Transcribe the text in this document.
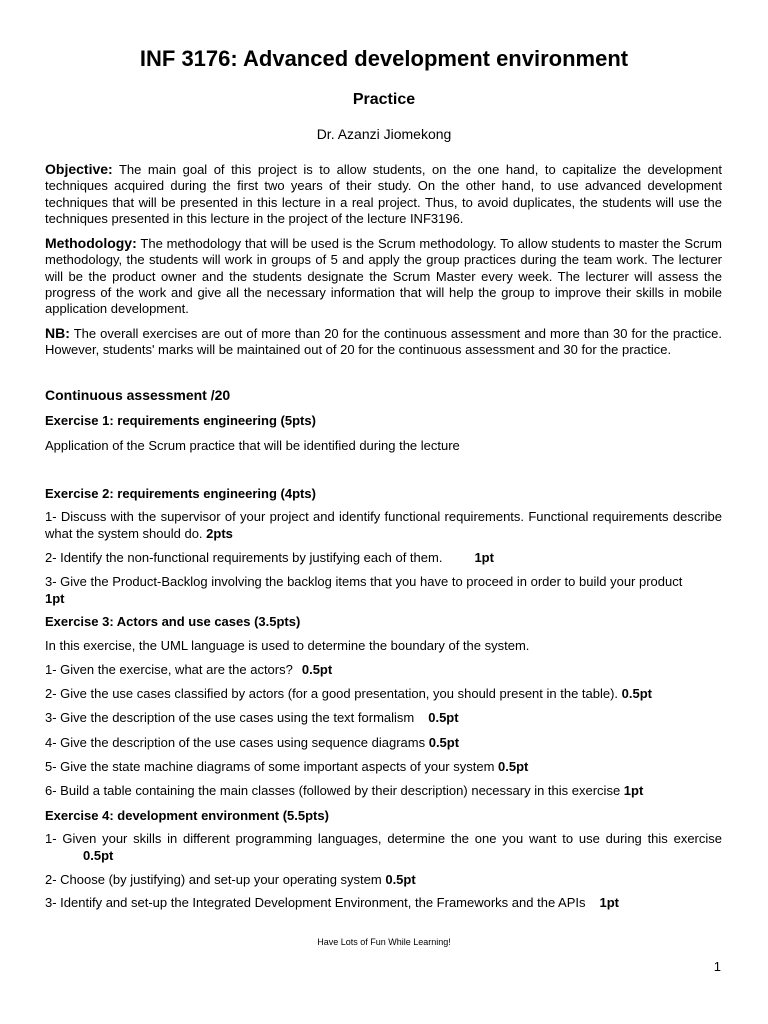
INF 3176: Advanced development environment
Practice

Dr. Azanzi Jiomekong

Objective: The main goal of this project is to allow students, on the one hand, to capitalize the development techniques acquired during the first two years of their study. On the other hand, to use advanced development techniques that will be presented in this lecture in a real project. Thus, to avoid duplicates, the students will use the techniques presented in this lecture in the project of the lecture INF3196.

Methodology: The methodology that will be used is the Scrum methodology. To allow students to master the Scrum methodology, the students will work in groups of 5 and apply the group practices during the team work. The lecturer will be the product owner and the students designate the Scrum Master every week. The lecturer will assess the progress of the work and give all the necessary information that will help the group to improve their skills in mobile application development.

NB: The overall exercises are out of more than 20 for the continuous assessment and more than 30 for the practice. However, students' marks will be maintained out of 20 for the continuous assessment and 30 for the practice.

Continuous assessment /20
Exercise 1: requirements engineering (5pts)

Application of the Scrum practice that will be identified during the lecture

Exercise 2: requirements engineering (4pts)

1- Discuss with the supervisor of your project and identify functional requirements. Functional requirements describe what the system should do. 2pts

2- Identify the non-functional requirements by justifying each of them. 1pt

3- Give the Product-Backlog involving the backlog items that you have to proceed in order to build your product
1pt

Exercise 3: Actors and use cases (3.5pts)

In this exercise, the UML language is used to determine the boundary of the system.

1- Given the exercise, what are the actors? 0.5pt

2- Give the use cases classified by actors (for a good presentation, you should present in the table). 0.5pt

3- Give the description of the use cases using the text formalism 0.5pt

4- Give the description of the use cases using sequence diagrams 0.5pt

5- Give the state machine diagrams of some important aspects of your system 0.5pt

6- Build a table containing the main classes (followed by their description) necessary in this exercise 1pt

Exercise 4: development environment (5.5pts)

1- Given your skills in different programming languages, determine the one you want to use during this exercise0.5pt

2- Choose (by justifying) and set-up your operating system 0.5pt

3- Identify and set-up the Integrated Development Environment, the Frameworks and the APIs 1pt

Have Lots of Fun While Learning!

1
